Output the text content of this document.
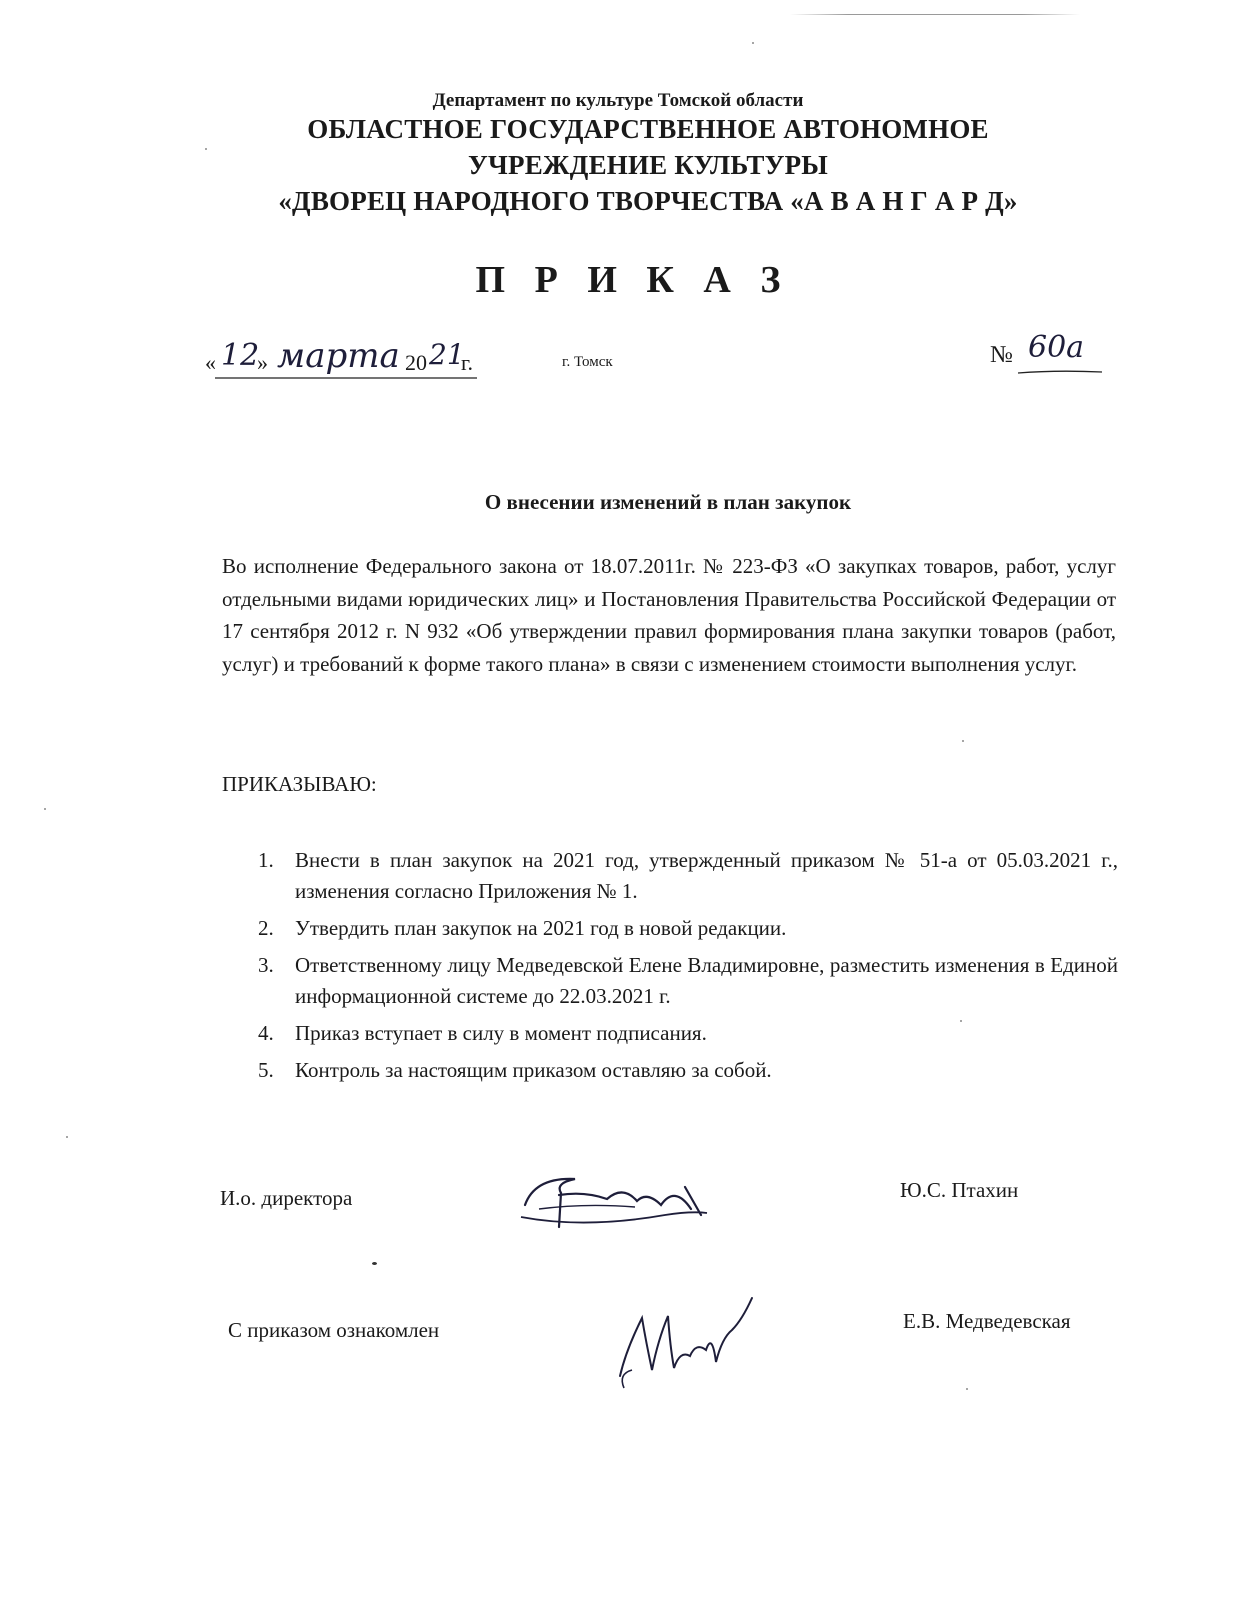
Департамент по культуре Томской области
ОБЛАСТНОЕ ГОСУДАРСТВЕННОЕ АВТОНОМНОЕ
УЧРЕЖДЕНИЕ КУЛЬТУРЫ
«ДВОРЕЦ НАРОДНОГО ТВОРЧЕСТВА «А В А Н Г А Р Д»
П Р И К А З
« 12
» марта 20 21
г.	г. Томск	№ 60а
О внесении изменений в план закупок
Во исполнение Федерального закона от 18.07.2011г. № 223-ФЗ «О закупках товаров, работ, услуг отдельными видами юридических лиц» и Постановления Правительства Российской Федерации от 17 сентября 2012 г. N 932 «Об утверждении правил формирования плана закупки товаров (работ, услуг) и требований к форме такого плана» в связи с изменением стоимости выполнения услуг.
ПРИКАЗЫВАЮ:
1. Внести в план закупок на 2021 год, утвержденный приказом № 51-а от 05.03.2021 г., изменения согласно Приложения № 1.
2. Утвердить план закупок на 2021 год в новой редакции.
3. Ответственному лицу Медведевской Елене Владимировне, разместить изменения в Единой информационной системе до 22.03.2021 г.
4. Приказ вступает в силу в момент подписания.
5. Контроль за настоящим приказом оставляю за собой.
И.о. директора	Ю.С. Птахин
С приказом ознакомлен	Е.В. Медведевская
